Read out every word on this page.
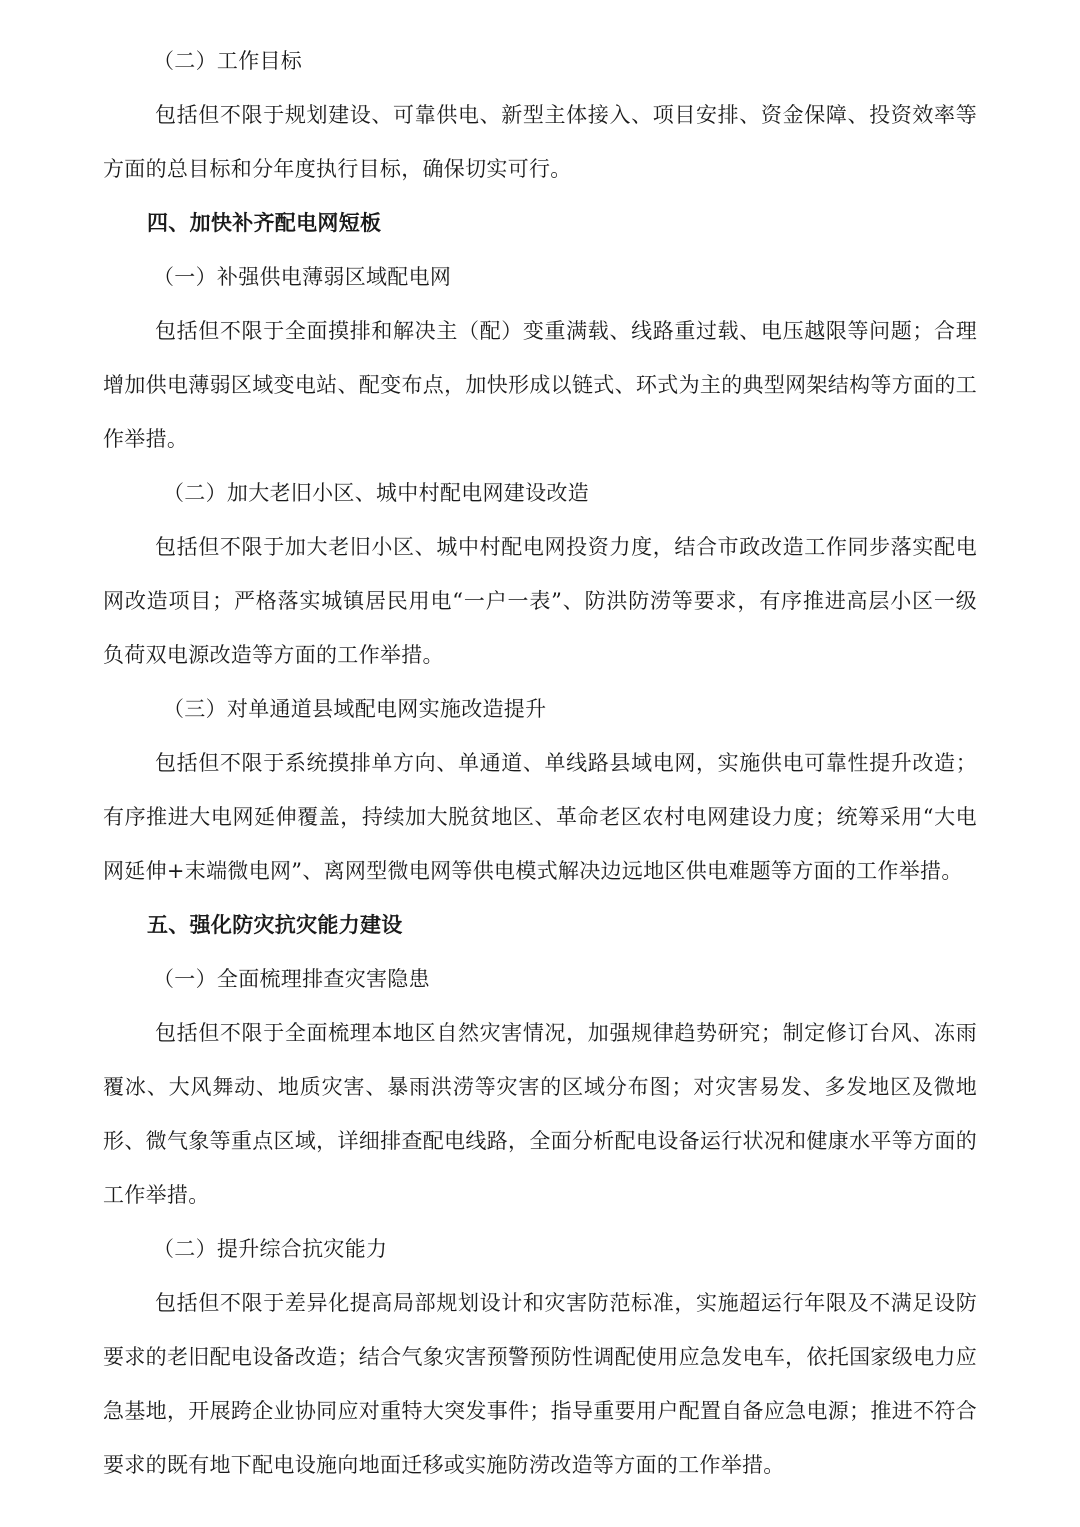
（二）工作目标

包括但不限于规划建设、可靠供电、新型主体接入、项目安排、资金保障、投资效率等方面的总目标和分年度执行目标，确保切实可行。

四、加快补齐配电网短板

（一）补强供电薄弱区域配电网

包括但不限于全面摸排和解决主（配）变重满载、线路重过载、电压越限等问题；合理增加供电薄弱区域变电站、配变布点，加快形成以链式、环式为主的典型网架结构等方面的工作举措。

（二）加大老旧小区、城中村配电网建设改造

包括但不限于加大老旧小区、城中村配电网投资力度，结合市政改造工作同步落实配电网改造项目；严格落实城镇居民用电“一户一表”、防洪防涝等要求，有序推进高层小区一级负荷双电源改造等方面的工作举措。

（三）对单通道县域配电网实施改造提升

包括但不限于系统摸排单方向、单通道、单线路县域电网，实施供电可靠性提升改造；有序推进大电网延伸覆盖，持续加大脱贫地区、革命老区农村电网建设力度；统筹采用“大电网延伸+末端微电网”、离网型微电网等供电模式解决边远地区供电难题等方面的工作举措。

五、强化防灾抗灾能力建设

（一）全面梳理排查灾害隐患

包括但不限于全面梳理本地区自然灾害情况，加强规律趋势研究；制定修订台风、冻雨覆冰、大风舞动、地质灾害、暴雨洪涝等灾害的区域分布图；对灾害易发、多发地区及微地形、微气象等重点区域，详细排查配电线路，全面分析配电设备运行状况和健康水平等方面的工作举措。

（二）提升综合抗灾能力

包括但不限于差异化提高局部规划设计和灾害防范标准，实施超运行年限及不满足设防要求的老旧配电设备改造；结合气象灾害预警预防性调配使用应急发电车，依托国家级电力应急基地，开展跨企业协同应对重特大突发事件；指导重要用户配置自备应急电源；推进不符合要求的既有地下配电设施向地面迁移或实施防涝改造等方面的工作举措。
